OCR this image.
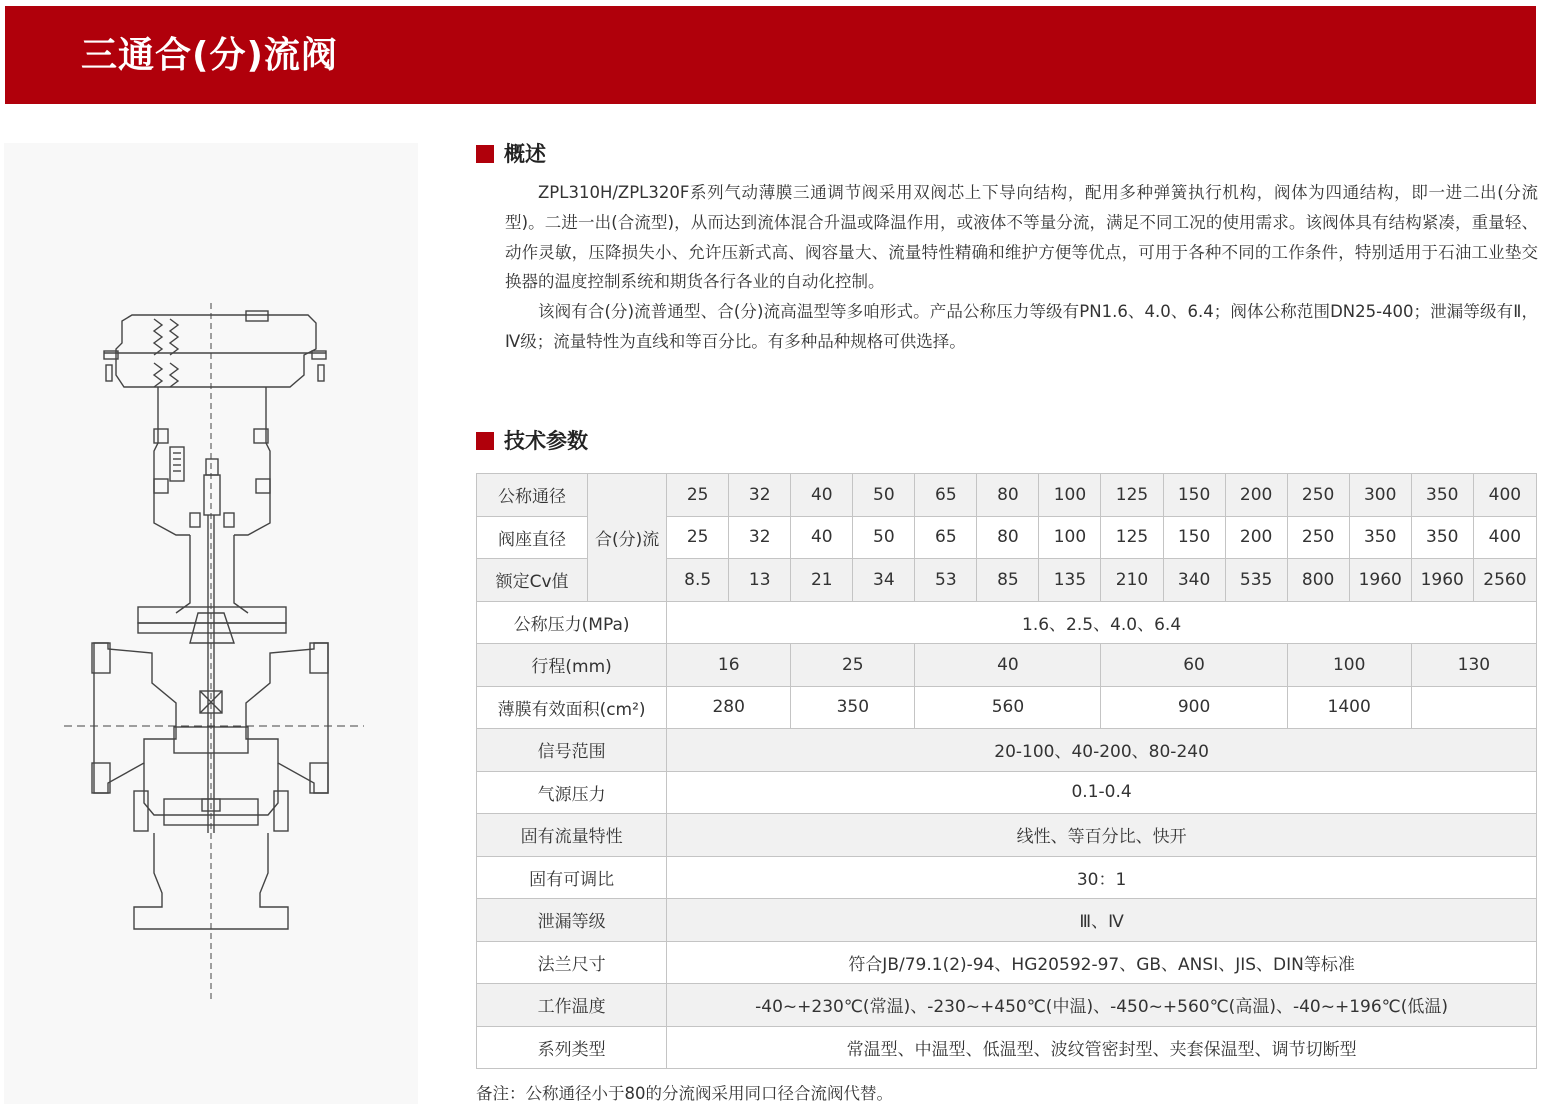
三通合(分)流阀
概述

ZPL310H/ZPL320F系列气动薄膜三通调节阀采用双阀芯上下导向结构，配用多种弹簧执行机构，阀体为四通结构，即一进二出(分流型)。二进一出(合流型)，从而达到流体混合升温或降温作用，或液体不等量分流，满足不同工况的使用需求。该阀体具有结构紧凑，重量轻、动作灵敏，压降损失小、允许压新式高、阀容量大、流量特性精确和维护方便等优点，可用于各种不同的工作条件，特别适用于石油工业垫交换器的温度控制系统和期货各行各业的自动化控制。

该阀有合(分)流普通型、合(分)流高温型等多咱形式。产品公称压力等级有PN1.6、4.0、6.4；阀体公称范围DN25-400；泄漏等级有Ⅱ，Ⅳ级；流量特性为直线和等百分比。有多种品种规格可供选择。

技术参数
公称通径	合(分)流	25	32	40	50	65	80	100	125	150	200	250	300	350	400
阀座直径		25	32	40	50	65	80	100	125	150	200	250	350	350	400
额定Cv值		8.5	13	21	34	53	85	135	210	340	535	800	1960	1960	2560
公称压力(MPa)		1.6、2.5、4.0、6.4													
行程(mm)		16		25		40			60			100		130	
薄膜有效面积(cm²)		280		350		560			900			1400			
信号范围		20-100、40-200、80-240													
气源压力		0.1-0.4													
固有流量特性		线性、等百分比、快开													
固有可调比		30：1													
泄漏等级		Ⅲ、Ⅳ													
法兰尺寸		符合JB/79.1(2)-94、HG20592-97、GB、ANSI、JIS、DIN等标准													
工作温度		-40~+230℃(常温)、-230~+450℃(中温)、-450~+560℃(高温)、-40~+196℃(低温)													
系列类型		常温型、中温型、低温型、波纹管密封型、夹套保温型、调节切断型													
备注：公称通径小于80的分流阀采用同口径合流阀代替。
